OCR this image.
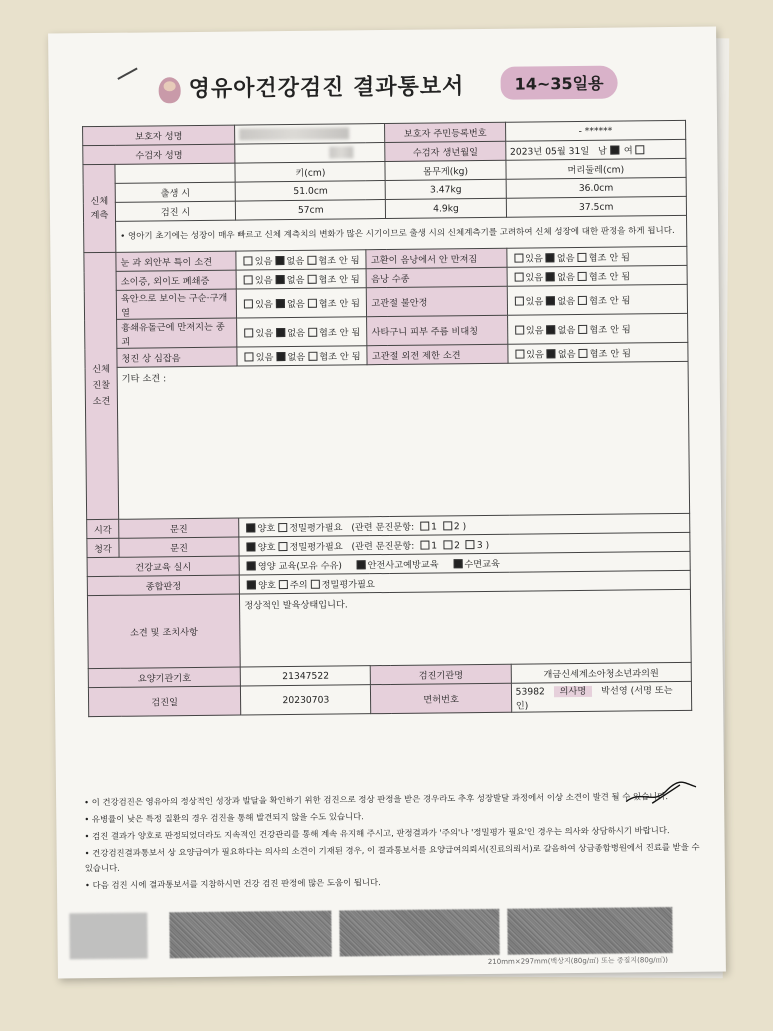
영유아건강검진 결과통보서	14~35일용
보호자 성명				보호자 주민등록번호	- ******
수검자 성명				수검자 생년월일	2023년 05월 31일 남 여
신체
계측		키(cm)		몸무게(kg)	머리둘레(cm)
	출생 시	51.0cm		3.47kg	36.0cm
	검진 시	57cm		4.9kg	37.5cm
	• 영아기 초기에는 성장이 매우 빠르고 신체 계측치의 변화가 많은 시기이므로 출생 시의 신체계측기를 고려하여 신체 성장에 대한 판정을 하게 됩니다.				
신체
진찰
소견	눈 과 외안부 특이 소견	있음 없음 협조 안 됨	고환이 음낭에서 안 만져짐		있음 없음 협조 안 됨
	소이증, 외이도 폐쇄증	있음 없음 협조 안 됨	음낭 수종		있음 없음 협조 안 됨
	육안으로 보이는 구순·구개열	있음 없음 협조 안 됨	고관절 불안정		있음 없음 협조 안 됨
	흉쇄유돌근에 만져지는 종괴	있음 없음 협조 안 됨	사타구니 피부 주름 비대칭		있음 없음 협조 안 됨
	청진 상 심잡음	있음 없음 협조 안 됨	고관절 외전 제한 소견		있음 없음 협조 안 됨
	기타 소견 :				
시각	문진	양호 정밀평가필요 (관련 문진문항: 1 2 )			
청각	문진	양호 정밀평가필요 (관련 문진문항: 1 2 3 )			
건강교육 실시		영양 교육(모유 수유) 안전사고예방교육 수면교육			
종합판정		양호 주의 정밀평가필요			
소견 및 조치사항		정상적인 발육상태입니다.			
요양기관기호		21347522	검진기관명		개금신세계소아청소년과의원
검진일		20230703	면허번호		53982 의사명 박선영 (서명 또는 인)
• 이 건강검진은 영유아의 정상적인 성장과 발달을 확인하기 위한 검진으로 정상 판정을 받은 경우라도 추후 성장발달 과정에서 이상 소견이 발견 될 수 있습니다.
• 유병률이 낮은 특정 질환의 경우 검진을 통해 발견되지 않을 수도 있습니다.
• 검진 결과가 양호로 판정되었더라도 지속적인 건강관리를 통해 계속 유지해 주시고, 판정결과가 '주의'나 '정밀평가 필요'인 경우는 의사와 상담하시기 바랍니다.
• 건강검진결과통보서 상 요양급여가 필요하다는 의사의 소견이 기재된 경우, 이 결과통보서를 요양급여의뢰서(진료의뢰서)로 갈음하여 상급종합병원에서 진료를 받을 수 있습니다.
• 다음 검진 시에 결과통보서를 지참하시면 건강 검진 판정에 많은 도움이 됩니다.
210mm×297mm(백상지(80g/㎡) 또는 중질지(80g/㎡))
